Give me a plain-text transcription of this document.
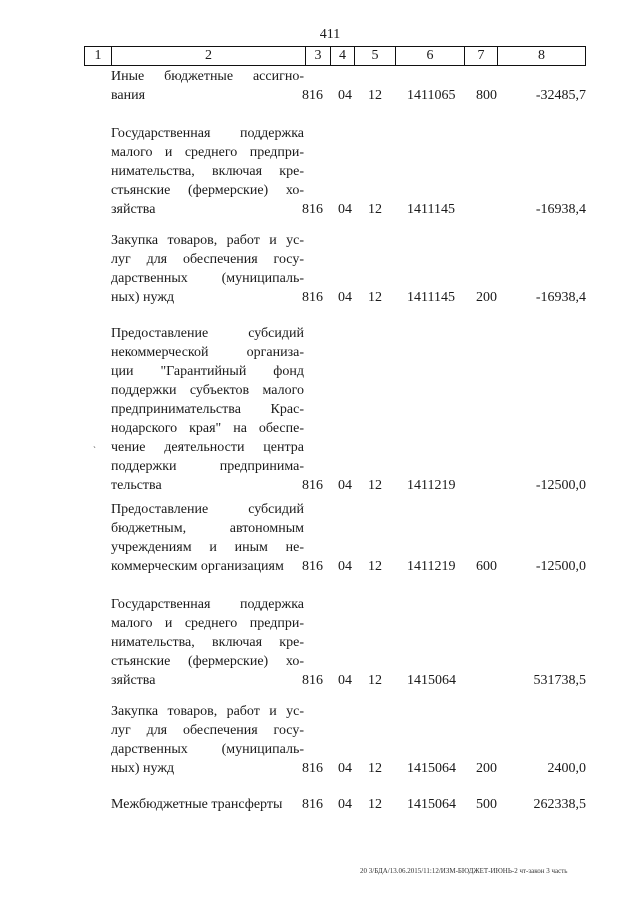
411
1	2	3	4	5	6	7	8
Иные бюджетные ассигно-
вания	816 04 12 1411065 800	-32485,7
Государственная поддержка
малого и среднего предпри-
нимательства, включая кре-
стьянские (фермерские) хо-
зяйства	816 04 12 1411145	-16938,4
Закупка товаров, работ и ус-
луг для обеспечения госу-
дарственных (муниципаль-
ных) нужд	816 04 12 1411145 200	-16938,4
Предоставление субсидий
некоммерческой организа-
ции "Гарантийный фонд
поддержки субъектов малого
предпринимательства Крас-
нодарского края" на обеспе-
чение деятельности центра
поддержки предпринима-
тельства	816 04 12 1411219	-12500,0
Предоставление субсидий
бюджетным, автономным
учреждениям и иным не-
коммерческим организациям	816 04 12 1411219 600	-12500,0
Государственная поддержка
малого и среднего предпри-
нимательства, включая кре-
стьянские (фермерские) хо-
зяйства	816 04 12 1415064	531738,5
Закупка товаров, работ и ус-
луг для обеспечения госу-
дарственных (муниципаль-
ных) нужд	816 04 12 1415064 200	2400,0
Межбюджетные трансферты	816 04 12 1415064 500	262338,5
ˏ
20 3/БДА/13.06.2015/11:12/ИЗМ-БЮДЖЕТ-ИЮНЬ-2 чт-закон 3 часть
